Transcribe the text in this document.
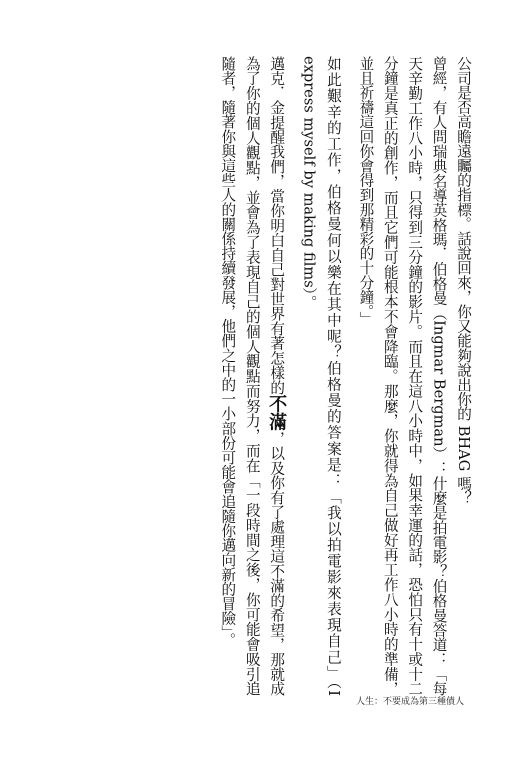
公司是否高瞻遠矚的指標。話說回來，你又能夠說出你的 BHAG 嗎？

曾經，有人問瑞典名導英格瑪．伯格曼（Ingmar Bergman）：什麼是拍電影？伯格曼答道：「每天辛勤工作八小時，只得到三分鐘的影片。而且在這八小時中，如果幸運的話，恐怕只有十或十二分鐘是真正的創作，而且它們可能根本不會降臨。那麼，你就得為自己做好再工作八小時的準備，並且祈禱這回你會得到那精彩的十分鐘。」

如此艱辛的工作，伯格曼何以樂在其中呢？伯格曼的答案是：「我以拍電影來表現自己」（I express myself by making films）。

邁克．金提醒我們，當你明白自己對世界有著怎樣的不滿，以及你有了處理這不滿的希望，那就成為了你的個人觀點，並會為了表現自己的個人觀點而努力，而在「一段時間之後，你可能會吸引追隨者，隨著你與這些人的關係持續發展，他們之中的一小部份可能會追隨你邁向新的冒險」。

人生：不要成為第三種債人
